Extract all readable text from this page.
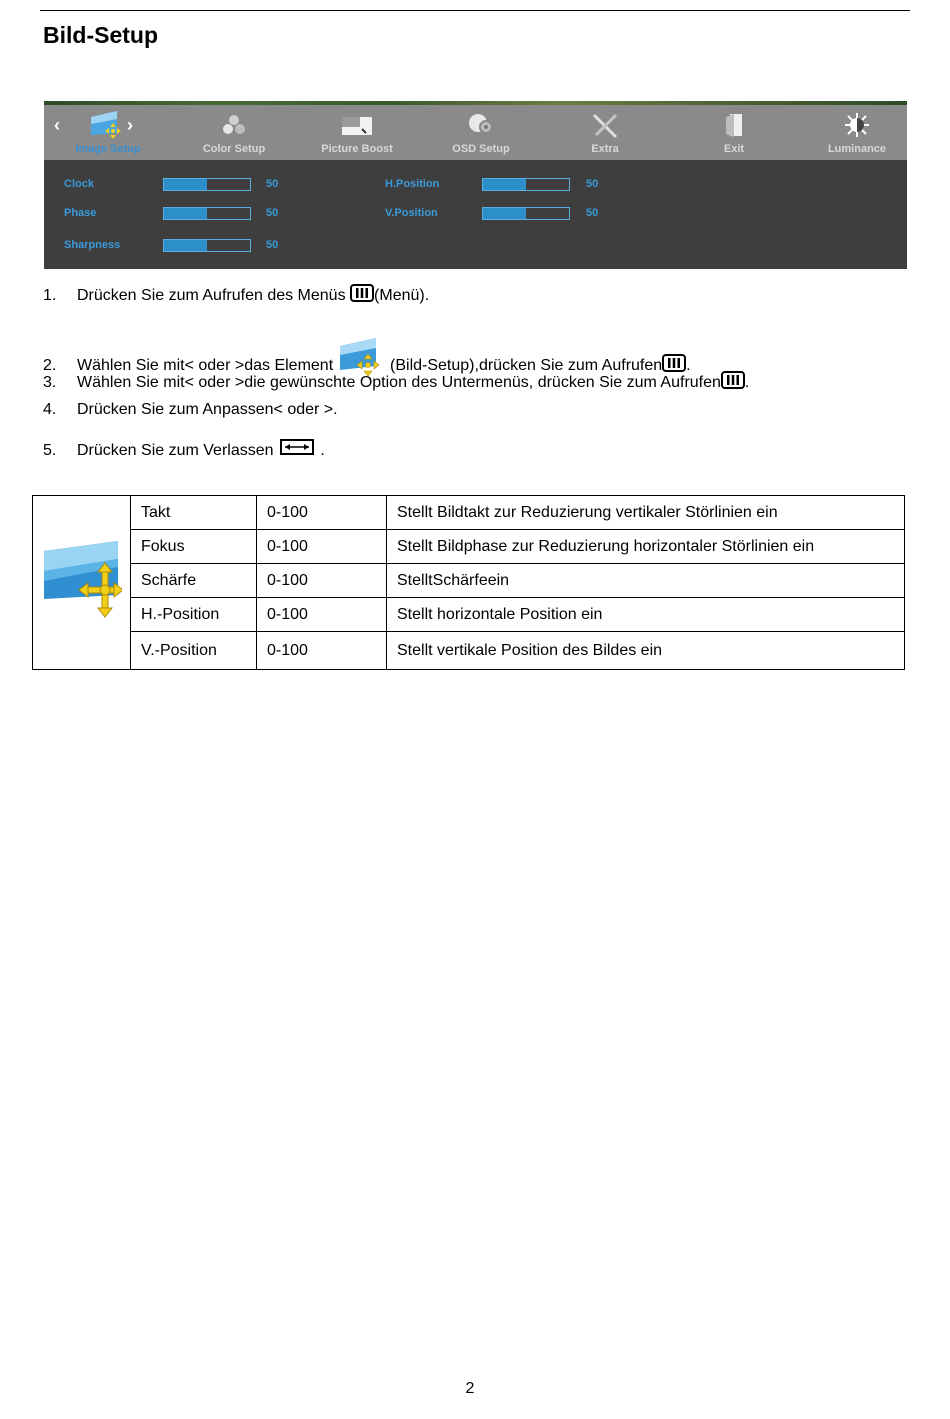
Bild-Setup
‹	›
Image Setup	Color Setup	Picture Boost	OSD Setup	Extra	Exit	Luminance
Clock	50
Phase	50
Sharpness	50
H.Position	50
V.Position	50
1. Drücken Sie zum Aufrufen des Menüs (Menü).
2. Wählen Sie mit< oder >das Element	(Bild-Setup),drücken Sie zum Aufrufen .
3. Wählen Sie mit< oder >die gewünschte Option des Untermenüs, drücken Sie zum Aufrufen .
4. Drücken Sie zum Anpassen< oder >.
5. Drücken Sie zum Verlassen  .
	Takt	0-100	Stellt Bildtakt zur Reduzierung vertikaler Störlinien ein
	Fokus	0-100	Stellt Bildphase zur Reduzierung horizontaler Störlinien ein
	Schärfe	0-100	StelltSchärfeein
	H.-Position	0-100	Stellt horizontale Position ein
	V.-Position	0-100	Stellt vertikale Position des Bildes ein
2
